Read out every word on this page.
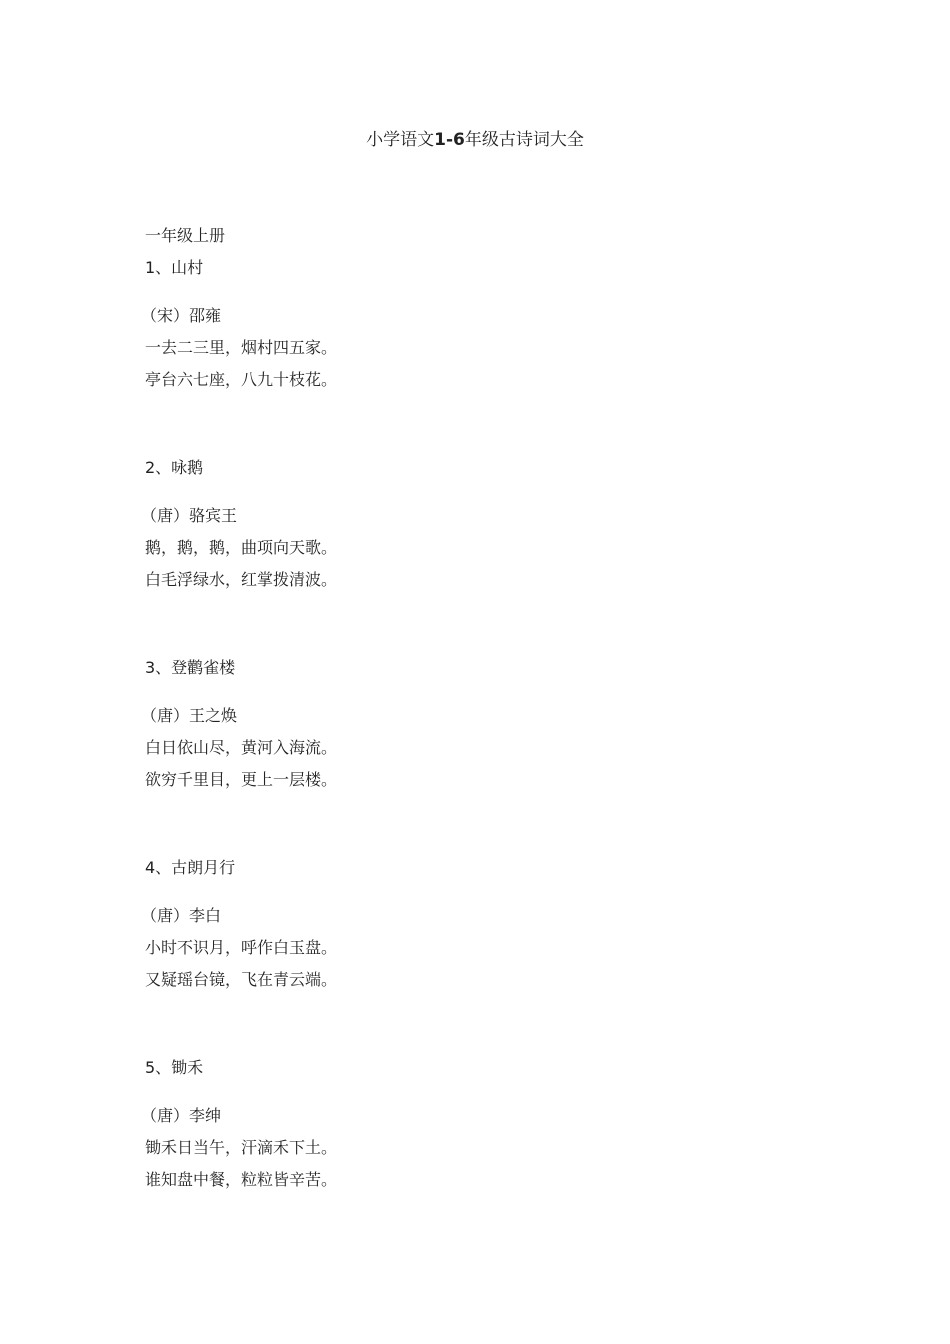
小学语文1-6年级古诗词大全
一年级上册
1、山村
（宋）邵雍
一去二三里，烟村四五家。
亭台六七座，八九十枝花。
2、咏鹅
（唐）骆宾王
鹅，鹅，鹅，曲项向天歌。
白毛浮绿水，红掌拨清波。
3、登鹳雀楼
（唐）王之焕
白日依山尽，黄河入海流。
欲穷千里目，更上一层楼。
4、古朗月行
（唐）李白
小时不识月，呼作白玉盘。
又疑瑶台镜，飞在青云端。
5、锄禾
（唐）李绅
锄禾日当午，汗滴禾下土。
谁知盘中餐，粒粒皆辛苦。
